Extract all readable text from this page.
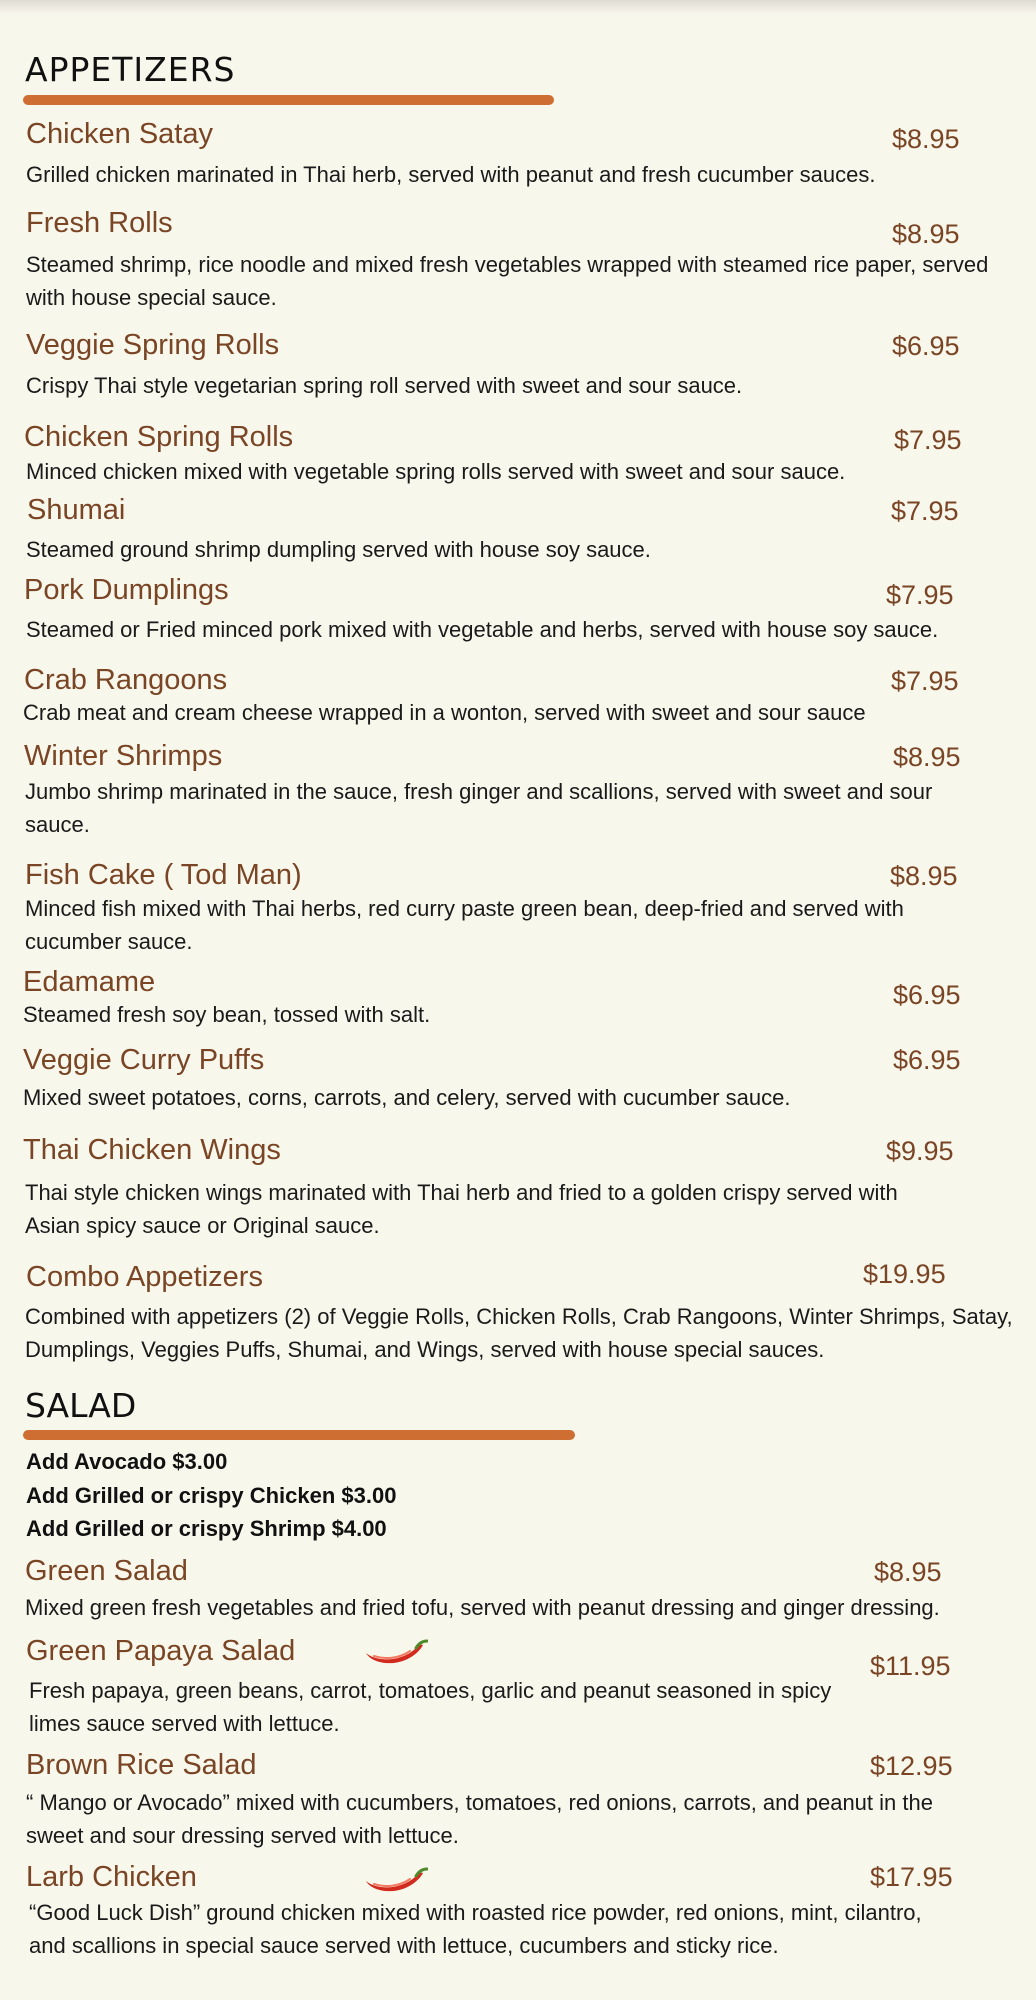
APPETIZERS
Chicken Satay	$8.95

Grilled chicken marinated in Thai herb, served with peanut and fresh cucumber sauces.

Fresh Rolls	$8.95

Steamed shrimp, rice noodle and mixed fresh vegetables wrapped with steamed rice paper, served with house special sauce.

Veggie Spring Rolls	$6.95

Crispy Thai style vegetarian spring roll served with sweet and sour sauce.

Chicken Spring Rolls	$7.95

Minced chicken mixed with vegetable spring rolls served with sweet and sour sauce.

Shumai	$7.95

Steamed ground shrimp dumpling served with house soy sauce.

Pork Dumplings	$7.95

Steamed or Fried minced pork mixed with vegetable and herbs, served with house soy sauce.

Crab Rangoons	$7.95

Crab meat and cream cheese wrapped in a wonton, served with sweet and sour sauce

Winter Shrimps	$8.95

Jumbo shrimp marinated in the sauce, fresh ginger and scallions, served with sweet and sour sauce.

Fish Cake ( Tod Man)	$8.95

Minced fish mixed with Thai herbs, red curry paste green bean, deep-fried and served with cucumber sauce.

Edamame	$6.95

Steamed fresh soy bean, tossed with salt.

Veggie Curry Puffs	$6.95

Mixed sweet potatoes, corns, carrots, and celery, served with cucumber sauce.

Thai Chicken Wings	$9.95

Thai style chicken wings marinated with Thai herb and fried to a golden crispy served with Asian spicy sauce or Original sauce.

Combo Appetizers	$19.95

Combined with appetizers (2) of Veggie Rolls, Chicken Rolls, Crab Rangoons, Winter Shrimps, Satay, Dumplings, Veggies Puffs, Shumai, and Wings, served with house special sauces.

SALAD
Add Avocado $3.00
Add Grilled or crispy Chicken $3.00
Add Grilled or crispy Shrimp $4.00
Green Salad	$8.95

Mixed green fresh vegetables and fried tofu, served with peanut dressing and ginger dressing.

Green Papaya Salad	$11.95

Fresh papaya, green beans, carrot, tomatoes, garlic and peanut seasoned in spicy limes sauce served with lettuce.

Brown Rice Salad	$12.95

“ Mango or Avocado” mixed with cucumbers, tomatoes, red onions, carrots, and peanut in the sweet and sour dressing served with lettuce.

Larb Chicken	$17.95

“Good Luck Dish” ground chicken mixed with roasted rice powder, red onions, mint, cilantro, and scallions in special sauce served with lettuce, cucumbers and sticky rice.
